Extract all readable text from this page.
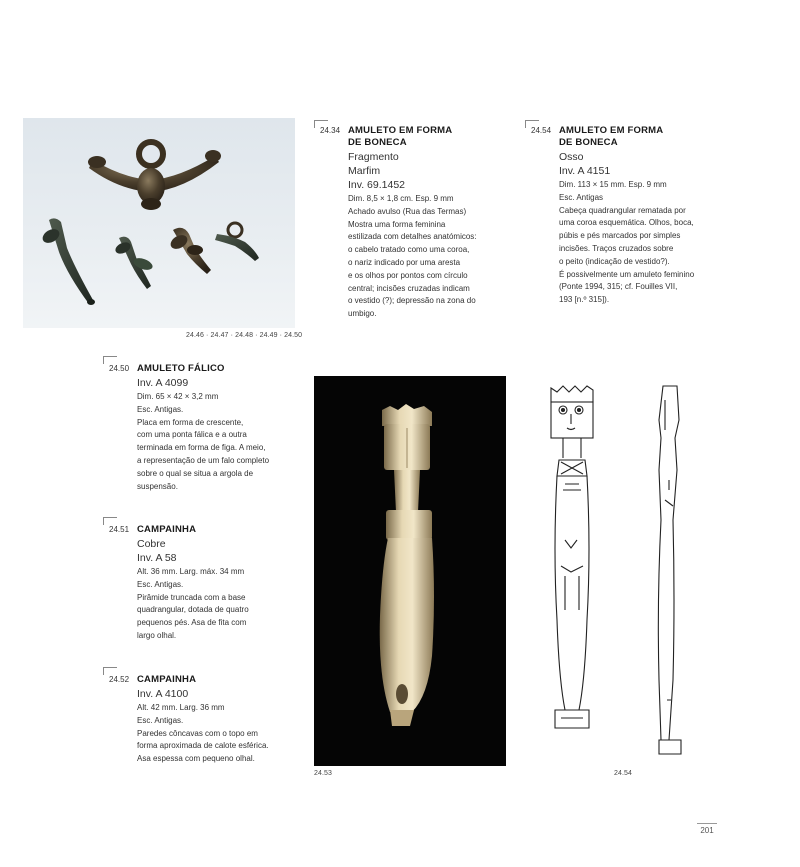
24.46 · 24.47 · 24.48 · 24.49 · 24.50
24.34 AMULETO EM FORMA
DE BONECA
Fragmento
Marfim
Inv. 69.1452
Dim. 8,5 × 1,8 cm. Esp. 9 mm
Achado avulso (Rua das Termas)
Mostra uma forma feminina
estilizada com detalhes anatómicos:
o cabelo tratado como uma coroa,
o nariz indicado por uma aresta
e os olhos por pontos com círculo
central; incisões cruzadas indicam
o vestido (?); depressão na zona do
umbigo.
24.54 AMULETO EM FORMA
DE BONECA
Osso
Inv. A 4151
Dim. 113 × 15 mm. Esp. 9 mm
Esc. Antigas
Cabeça quadrangular rematada por
uma coroa esquemática. Olhos, boca,
púbis e pés marcados por simples
incisões. Traços cruzados sobre
o peito (indicação de vestido?).
É possivelmente um amuleto feminino
(Ponte 1994, 315; cf. Fouilles VII,
193 [n.º 315]).
24.50 AMULETO FÁLICO
Inv. A 4099
Dim. 65 × 42 × 3,2 mm
Esc. Antigas.
Placa em forma de crescente,
com uma ponta fálica e a outra
terminada em forma de figa. A meio,
a representação de um falo completo
sobre o qual se situa a argola de
suspensão.
24.51 CAMPAINHA
Cobre
Inv. A 58
Alt. 36 mm. Larg. máx. 34 mm
Esc. Antigas.
Pirâmide truncada com a base
quadrangular, dotada de quatro
pequenos pés. Asa de fita com
largo olhal.
24.52 CAMPAINHA
Inv. A 4100
Alt. 42 mm. Larg. 36 mm
Esc. Antigas.
Paredes côncavas com o topo em
forma aproximada de calote esférica.
Asa espessa com pequeno olhal.
24.53	24.54
201
